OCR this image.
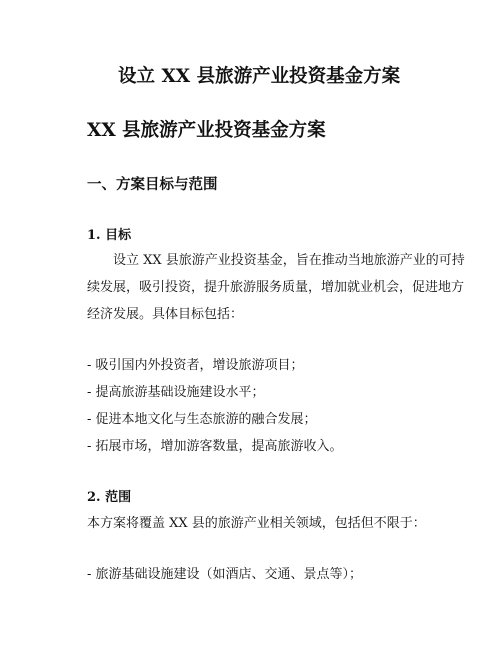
设立 XX 县旅游产业投资基金方案

XX 县旅游产业投资基金方案

一、方案目标与范围

1. 目标

设立 XX 县旅游产业投资基金，旨在推动当地旅游产业的可持

续发展，吸引投资，提升旅游服务质量，增加就业机会，促进地方

经济发展。具体目标包括：

- 吸引国内外投资者，增设旅游项目；

- 提高旅游基础设施建设水平；

- 促进本地文化与生态旅游的融合发展；

- 拓展市场，增加游客数量，提高旅游收入。

2. 范围

本方案将覆盖 XX 县的旅游产业相关领域，包括但不限于：

- 旅游基础设施建设（如酒店、交通、景点等）；
